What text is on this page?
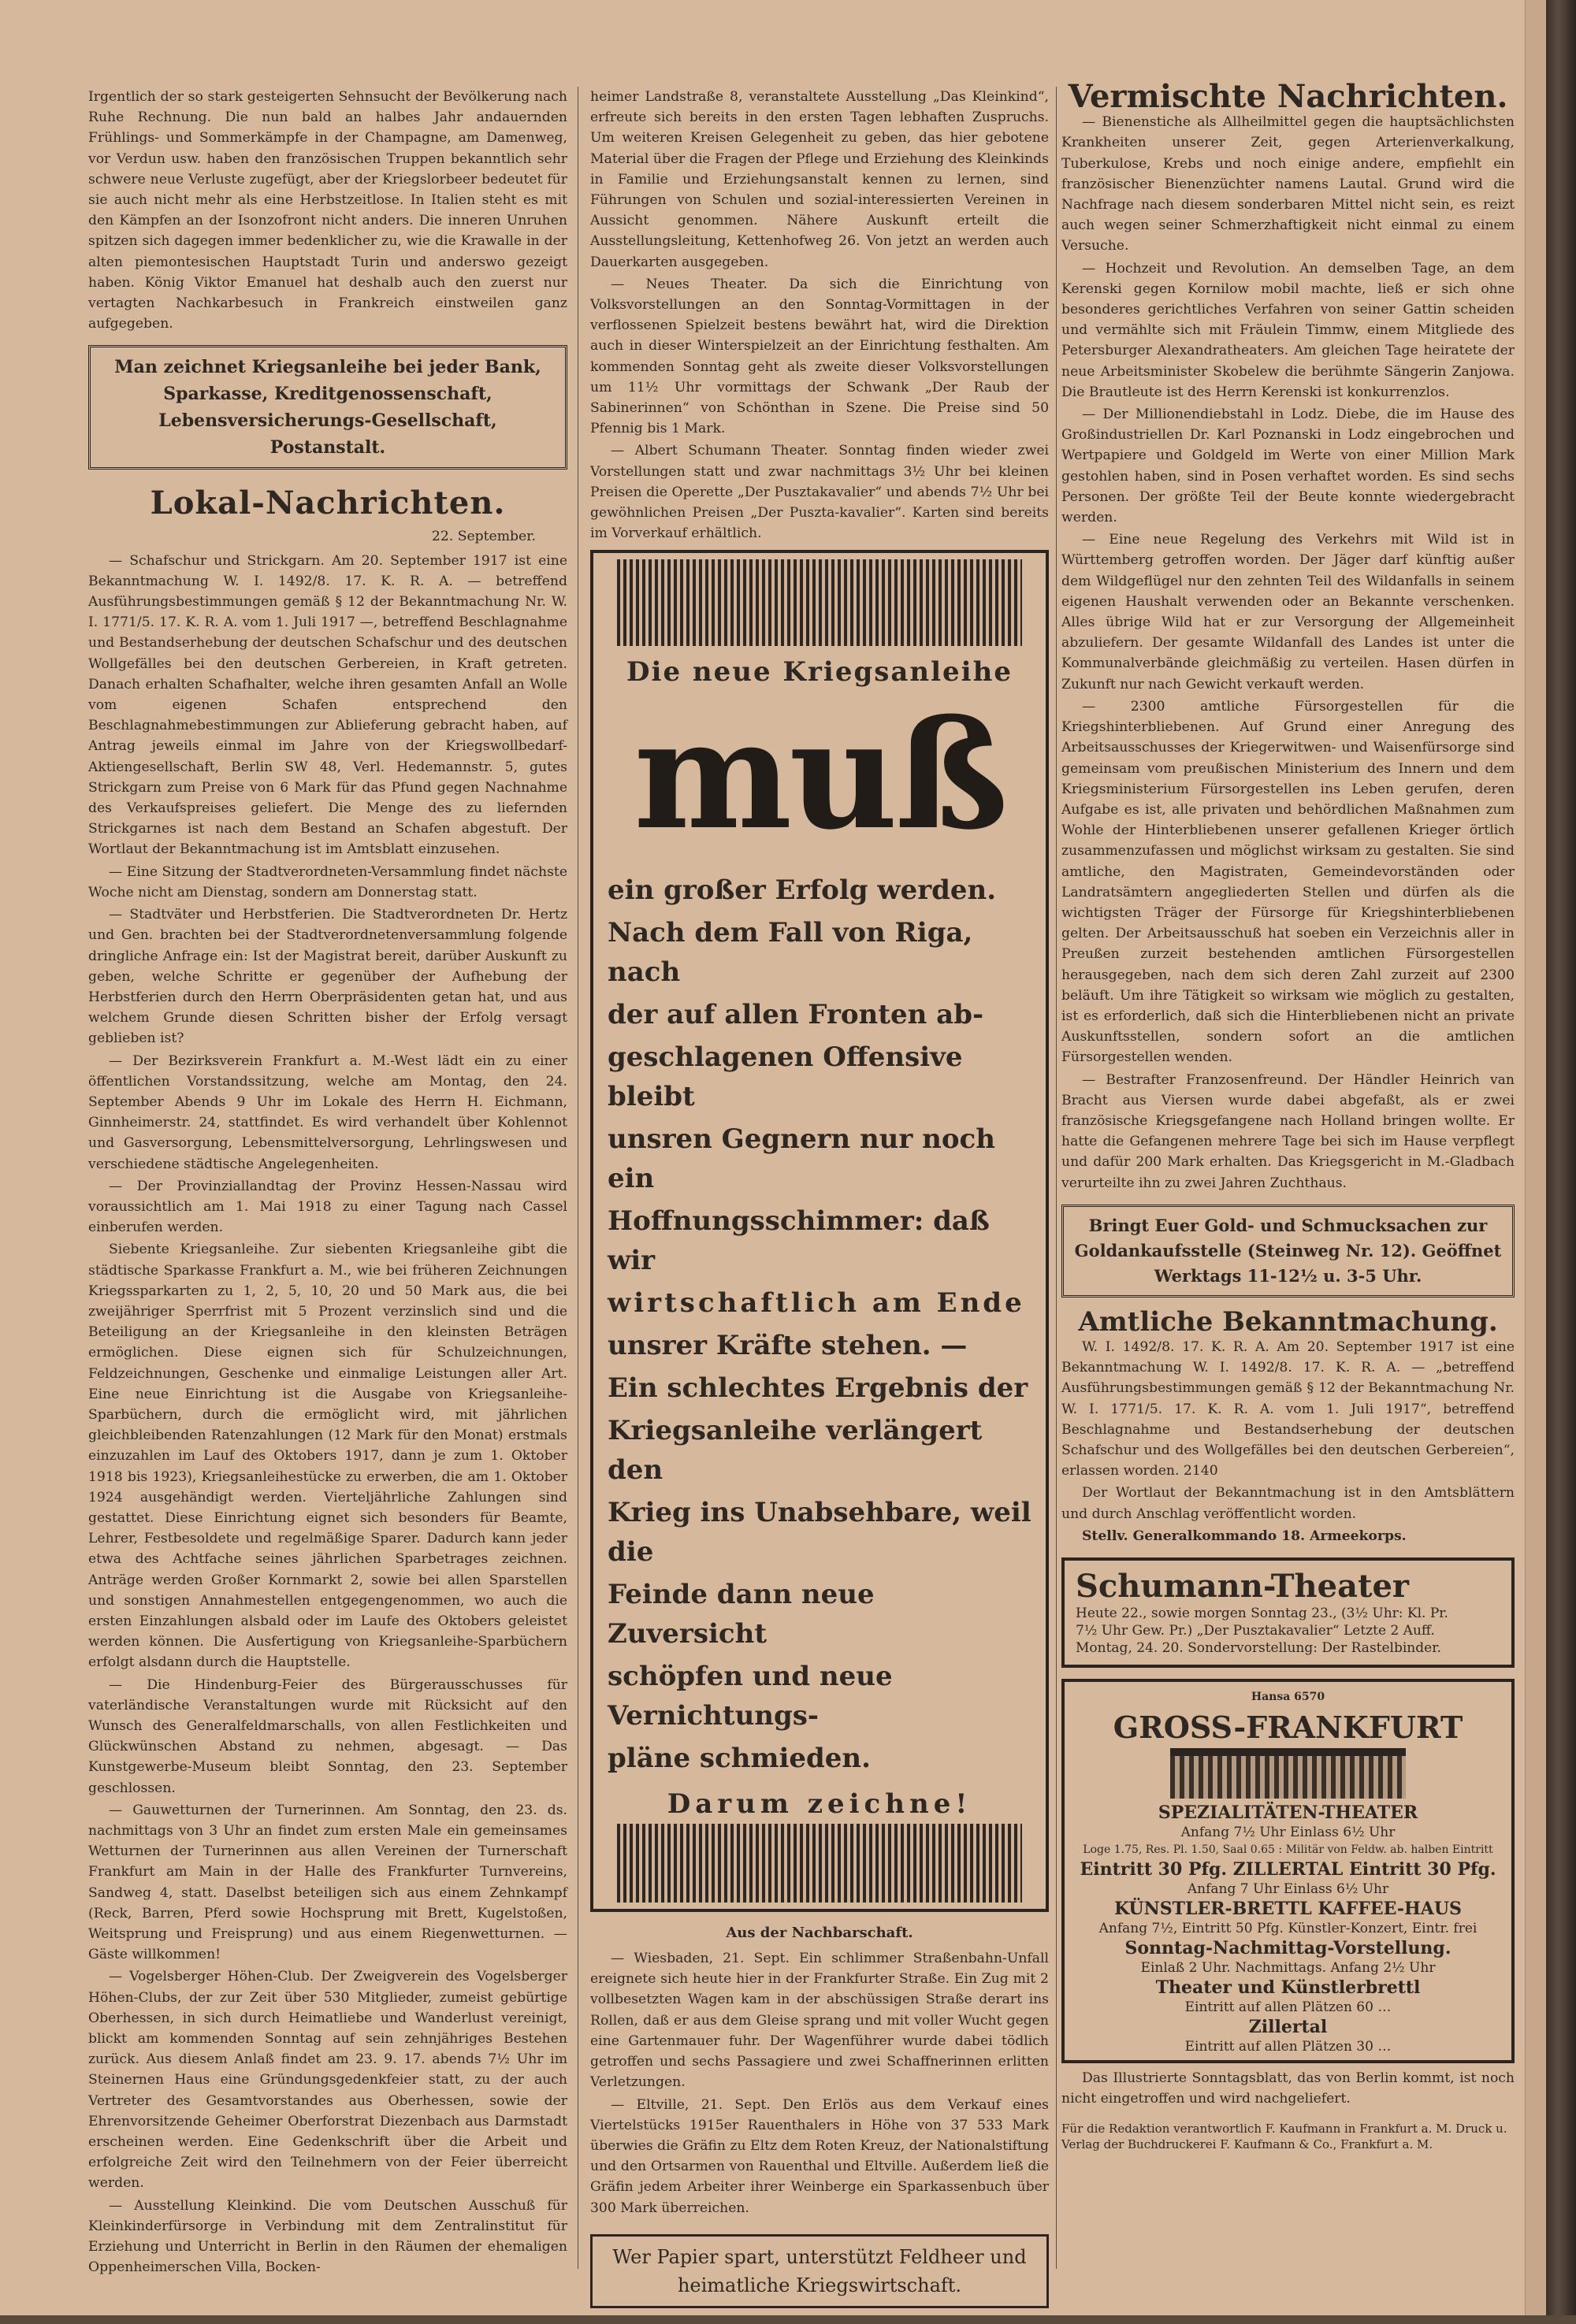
Irgentlich der so stark gesteigerten Sehnsucht der Bevölkerung nach Ruhe Rechnung. Die nun bald an halbes Jahr andauernden Frühlings- und Sommerkämpfe in der Champagne, am Damenweg, vor Verdun usw. haben den französischen Truppen bekanntlich sehr schwere neue Verluste zugefügt, aber der Kriegslorbeer bedeutet für sie auch nicht mehr als eine Herbstzeitlose. In Italien steht es mit den Kämpfen an der Isonzofront nicht anders. Die inneren Unruhen spitzen sich dagegen immer bedenklicher zu, wie die Krawalle in der alten piemontesischen Hauptstadt Turin und anderswo gezeigt haben. König Viktor Emanuel hat deshalb auch den zuerst nur vertagten Nachkarbesuch in Frankreich einstweilen ganz aufgegeben.

Man zeichnet Kriegsanleihe bei jeder Bank, Sparkasse, Kreditgenossenschaft, Lebensversicherungs-Gesellschaft, Postanstalt.
Lokal-Nachrichten.
22. September.

— Schafschur und Strickgarn. Am 20. September 1917 ist eine Bekanntmachung W. I. 1492/8. 17. K. R. A. — betreffend Ausführungsbestimmungen gemäß § 12 der Bekanntmachung Nr. W. I. 1771/5. 17. K. R. A. vom 1. Juli 1917 —, betreffend Beschlagnahme und Bestandserhebung der deutschen Schafschur und des deutschen Wollgefälles bei den deutschen Gerbereien, in Kraft getreten. Danach erhalten Schafhalter, welche ihren gesamten Anfall an Wolle vom eigenen Schafen entsprechend den Beschlagnahmebestimmungen zur Ablieferung gebracht haben, auf Antrag jeweils einmal im Jahre von der Kriegswollbedarf-Aktiengesellschaft, Berlin SW 48, Verl. Hedemannstr. 5, gutes Strickgarn zum Preise von 6 Mark für das Pfund gegen Nachnahme des Verkaufspreises geliefert. Die Menge des zu liefernden Strickgarnes ist nach dem Bestand an Schafen abgestuft. Der Wortlaut der Bekanntmachung ist im Amtsblatt einzusehen.

— Eine Sitzung der Stadtverordneten-Versammlung findet nächste Woche nicht am Dienstag, sondern am Donnerstag statt.

— Stadtväter und Herbstferien. Die Stadtverordneten Dr. Hertz und Gen. brachten bei der Stadtverordnetenversammlung folgende dringliche Anfrage ein: Ist der Magistrat bereit, darüber Auskunft zu geben, welche Schritte er gegenüber der Aufhebung der Herbstferien durch den Herrn Oberpräsidenten getan hat, und aus welchem Grunde diesen Schritten bisher der Erfolg versagt geblieben ist?

— Der Bezirksverein Frankfurt a. M.-West lädt ein zu einer öffentlichen Vorstandssitzung, welche am Montag, den 24. September Abends 9 Uhr im Lokale des Herrn H. Eichmann, Ginnheimerstr. 24, stattfindet. Es wird verhandelt über Kohlennot und Gasversorgung, Lebensmittelversorgung, Lehrlingswesen und verschiedene städtische Angelegenheiten.

— Der Provinziallandtag der Provinz Hessen-Nassau wird voraussichtlich am 1. Mai 1918 zu einer Tagung nach Cassel einberufen werden.

Siebente Kriegsanleihe. Zur siebenten Kriegsanleihe gibt die städtische Sparkasse Frankfurt a. M., wie bei früheren Zeichnungen Kriegssparkarten zu 1, 2, 5, 10, 20 und 50 Mark aus, die bei zweijähriger Sperrfrist mit 5 Prozent verzinslich sind und die Beteiligung an der Kriegsanleihe in den kleinsten Beträgen ermöglichen. Diese eignen sich für Schulzeichnungen, Feldzeichnungen, Geschenke und einmalige Leistungen aller Art. Eine neue Einrichtung ist die Ausgabe von Kriegsanleihe-Sparbüchern, durch die ermöglicht wird, mit jährlichen gleichbleibenden Ratenzahlungen (12 Mark für den Monat) erstmals einzuzahlen im Lauf des Oktobers 1917, dann je zum 1. Oktober 1918 bis 1923), Kriegsanleihestücke zu erwerben, die am 1. Oktober 1924 ausgehändigt werden. Vierteljährliche Zahlungen sind gestattet. Diese Einrichtung eignet sich besonders für Beamte, Lehrer, Festbesoldete und regelmäßige Sparer. Dadurch kann jeder etwa des Achtfache seines jährlichen Sparbetrages zeichnen. Anträge werden Großer Kornmarkt 2, sowie bei allen Sparstellen und sonstigen Annahmestellen entgegengenommen, wo auch die ersten Einzahlungen alsbald oder im Laufe des Oktobers geleistet werden können. Die Ausfertigung von Kriegsanleihe-Sparbüchern erfolgt alsdann durch die Hauptstelle.

— Die Hindenburg-Feier des Bürgerausschusses für vaterländische Veranstaltungen wurde mit Rücksicht auf den Wunsch des Generalfeldmarschalls, von allen Festlichkeiten und Glückwünschen Abstand zu nehmen, abgesagt. — Das Kunstgewerbe-Museum bleibt Sonntag, den 23. September geschlossen.

— Gauwetturnen der Turnerinnen. Am Sonntag, den 23. ds. nachmittags von 3 Uhr an findet zum ersten Male ein gemeinsames Wetturnen der Turnerinnen aus allen Vereinen der Turnerschaft Frankfurt am Main in der Halle des Frankfurter Turnvereins, Sandweg 4, statt. Daselbst beteiligen sich aus einem Zehnkampf (Reck, Barren, Pferd sowie Hochsprung mit Brett, Kugelstoßen, Weitsprung und Freisprung) und aus einem Riegenwetturnen. — Gäste willkommen!

— Vogelsberger Höhen-Club. Der Zweigverein des Vogelsberger Höhen-Clubs, der zur Zeit über 530 Mitglieder, zumeist gebürtige Oberhessen, in sich durch Heimatliebe und Wanderlust vereinigt, blickt am kommenden Sonntag auf sein zehnjähriges Bestehen zurück. Aus diesem Anlaß findet am 23. 9. 17. abends 7½ Uhr im Steinernen Haus eine Gründungsgedenkfeier statt, zu der auch Vertreter des Gesamtvorstandes aus Oberhessen, sowie der Ehrenvorsitzende Geheimer Oberforstrat Diezenbach aus Darmstadt erscheinen werden. Eine Gedenkschrift über die Arbeit und erfolgreiche Zeit wird den Teilnehmern von der Feier überreicht werden.

— Ausstellung Kleinkind. Die vom Deutschen Ausschuß für Kleinkinderfürsorge in Verbindung mit dem Zentralinstitut für Erziehung und Unterricht in Berlin in den Räumen der ehemaligen Oppenheimerschen Villa, Bocken-

heimer Landstraße 8, veranstaltete Ausstellung „Das Kleinkind“, erfreute sich bereits in den ersten Tagen lebhaften Zuspruchs. Um weiteren Kreisen Gelegenheit zu geben, das hier gebotene Material über die Fragen der Pflege und Erziehung des Kleinkinds in Familie und Erziehungsanstalt kennen zu lernen, sind Führungen von Schulen und sozial-interessierten Vereinen in Aussicht genommen. Nähere Auskunft erteilt die Ausstellungsleitung, Kettenhofweg 26. Von jetzt an werden auch Dauerkarten ausgegeben.

— Neues Theater. Da sich die Einrichtung von Volksvorstellungen an den Sonntag-Vormittagen in der verflossenen Spielzeit bestens bewährt hat, wird die Direktion auch in dieser Winterspielzeit an der Einrichtung festhalten. Am kommenden Sonntag geht als zweite dieser Volksvorstellungen um 11½ Uhr vormittags der Schwank „Der Raub der Sabinerinnen“ von Schönthan in Szene. Die Preise sind 50 Pfennig bis 1 Mark.

— Albert Schumann Theater. Sonntag finden wieder zwei Vorstellungen statt und zwar nachmittags 3½ Uhr bei kleinen Preisen die Operette „Der Pusztakavalier“ und abends 7½ Uhr bei gewöhnlichen Preisen „Der Puszta-kavalier“. Karten sind bereits im Vorverkauf erhältlich.

Die neue Kriegsanleihe
muß
ein großer Erfolg werden.
Nach dem Fall von Riga, nach
der auf allen Fronten ab-
geschlagenen Offensive bleibt
unsren Gegnern nur noch ein
Hoffnungsschimmer: daß wir
wirtschaftlich am Ende
unsrer Kräfte stehen. —
Ein schlechtes Ergebnis der
Kriegsanleihe verlängert den
Krieg ins Unabsehbare, weil die
Feinde dann neue Zuversicht
schöpfen und neue Vernichtungs-
pläne schmieden.
Darum zeichne!
Aus der Nachbarschaft.

— Wiesbaden, 21. Sept. Ein schlimmer Straßenbahn-Unfall ereignete sich heute hier in der Frankfurter Straße. Ein Zug mit 2 vollbesetzten Wagen kam in der abschüssigen Straße derart ins Rollen, daß er aus dem Gleise sprang und mit voller Wucht gegen eine Gartenmauer fuhr. Der Wagenführer wurde dabei tödlich getroffen und sechs Passagiere und zwei Schaffnerinnen erlitten Verletzungen.

— Eltville, 21. Sept. Den Erlös aus dem Verkauf eines Viertelstücks 1915er Rauenthalers in Höhe von 37 533 Mark überwies die Gräfin zu Eltz dem Roten Kreuz, der Nationalstiftung und den Ortsarmen von Rauenthal und Eltville. Außerdem ließ die Gräfin jedem Arbeiter ihrer Weinberge ein Sparkassenbuch über 300 Mark überreichen.

Wer Papier spart, unterstützt Feldheer und heimatliche Kriegswirtschaft.
Vermischte Nachrichten.

— Bienenstiche als Allheilmittel gegen die hauptsächlichsten Krankheiten unserer Zeit, gegen Arterienverkalkung, Tuberkulose, Krebs und noch einige andere, empfiehlt ein französischer Bienenzüchter namens Lautal. Grund wird die Nachfrage nach diesem sonderbaren Mittel nicht sein, es reizt auch wegen seiner Schmerzhaftigkeit nicht einmal zu einem Versuche.

— Hochzeit und Revolution. An demselben Tage, an dem Kerenski gegen Kornilow mobil machte, ließ er sich ohne besonderes gerichtliches Verfahren von seiner Gattin scheiden und vermählte sich mit Fräulein Timmw, einem Mitgliede des Petersburger Alexandratheaters. Am gleichen Tage heiratete der neue Arbeitsminister Skobelew die berühmte Sängerin Zanjowa. Die Brautleute ist des Herrn Kerenski ist konkurrenzlos.

— Der Millionendiebstahl in Lodz. Diebe, die im Hause des Großindustriellen Dr. Karl Poznanski in Lodz eingebrochen und Wertpapiere und Goldgeld im Werte von einer Million Mark gestohlen haben, sind in Posen verhaftet worden. Es sind sechs Personen. Der größte Teil der Beute konnte wiedergebracht werden.

— Eine neue Regelung des Verkehrs mit Wild ist in Württemberg getroffen worden. Der Jäger darf künftig außer dem Wildgeflügel nur den zehnten Teil des Wildanfalls in seinem eigenen Haushalt verwenden oder an Bekannte verschenken. Alles übrige Wild hat er zur Versorgung der Allgemeinheit abzuliefern. Der gesamte Wildanfall des Landes ist unter die Kommunalverbände gleichmäßig zu verteilen. Hasen dürfen in Zukunft nur nach Gewicht verkauft werden.

— 2300 amtliche Fürsorgestellen für die Kriegshinterbliebenen. Auf Grund einer Anregung des Arbeitsausschusses der Kriegerwitwen- und Waisenfürsorge sind gemeinsam vom preußischen Ministerium des Innern und dem Kriegsministerium Fürsorgestellen ins Leben gerufen, deren Aufgabe es ist, alle privaten und behördlichen Maßnahmen zum Wohle der Hinterbliebenen unserer gefallenen Krieger örtlich zusammenzufassen und möglichst wirksam zu gestalten. Sie sind amtliche, den Magistraten, Gemeindevorständen oder Landratsämtern angegliederten Stellen und dürfen als die wichtigsten Träger der Fürsorge für Kriegshinterbliebenen gelten. Der Arbeitsausschuß hat soeben ein Verzeichnis aller in Preußen zurzeit bestehenden amtlichen Fürsorgestellen herausgegeben, nach dem sich deren Zahl zurzeit auf 2300 beläuft. Um ihre Tätigkeit so wirksam wie möglich zu gestalten, ist es erforderlich, daß sich die Hinterbliebenen nicht an private Auskunftsstellen, sondern sofort an die amtlichen Fürsorgestellen wenden.

— Bestrafter Franzosenfreund. Der Händler Heinrich van Bracht aus Viersen wurde dabei abgefaßt, als er zwei französische Kriegsgefangene nach Holland bringen wollte. Er hatte die Gefangenen mehrere Tage bei sich im Hause verpflegt und dafür 200 Mark erhalten. Das Kriegsgericht in M.-Gladbach verurteilte ihn zu zwei Jahren Zuchthaus.

Bringt Euer Gold- und Schmucksachen zur Goldankaufsstelle (Steinweg Nr. 12). Geöffnet Werktags 11-12½ u. 3-5 Uhr.
Amtliche Bekanntmachung.

W. I. 1492/8. 17. K. R. A. Am 20. September 1917 ist eine Bekanntmachung W. I. 1492/8. 17. K. R. A. — „betreffend Ausführungsbestimmungen gemäß § 12 der Bekanntmachung Nr. W. I. 1771/5. 17. K. R. A. vom 1. Juli 1917“, betreffend Beschlagnahme und Bestandserhebung der deutschen Schafschur und des Wollgefälles bei den deutschen Gerbereien“, erlassen worden. 2140

Der Wortlaut der Bekanntmachung ist in den Amtsblättern und durch Anschlag veröffentlicht worden.

Stellv. Generalkommando 18. Armeekorps.

Schumann-Theater
Heute 22., sowie morgen Sonntag 23., (3½ Uhr: Kl. Pr.
7½ Uhr Gew. Pr.) „Der Pusztakavalier“ Letzte 2 Auff.
Montag, 24. 20. Sondervorstellung: Der Rastelbinder.
Hansa 6570
GROSS-FRANKFURT
SPEZIALITÄTEN-THEATER
Anfang 7½ Uhr Einlass 6½ Uhr
Loge 1.75, Res. Pl. 1.50, Saal 0.65 : Militär von Feldw. ab. halben Eintritt
Eintritt 30 Pfg. ZILLERTAL Eintritt 30 Pfg.
Anfang 7 Uhr Einlass 6½ Uhr
KÜNSTLER-BRETTL KAFFEE-HAUS
Anfang 7½, Eintritt 50 Pfg. Künstler-Konzert, Eintr. frei
Sonntag-Nachmittag-Vorstellung.
Einlaß 2 Uhr. Nachmittags. Anfang 2½ Uhr
Theater und Künstlerbrettl
Eintritt auf allen Plätzen 60 …
Zillertal
Eintritt auf allen Plätzen 30 …

Das Illustrierte Sonntagsblatt, das von Berlin kommt, ist noch nicht eingetroffen und wird nachgeliefert.

Für die Redaktion verantwortlich F. Kaufmann in Frankfurt a. M. Druck u. Verlag der Buchdruckerei F. Kaufmann & Co., Frankfurt a. M.
